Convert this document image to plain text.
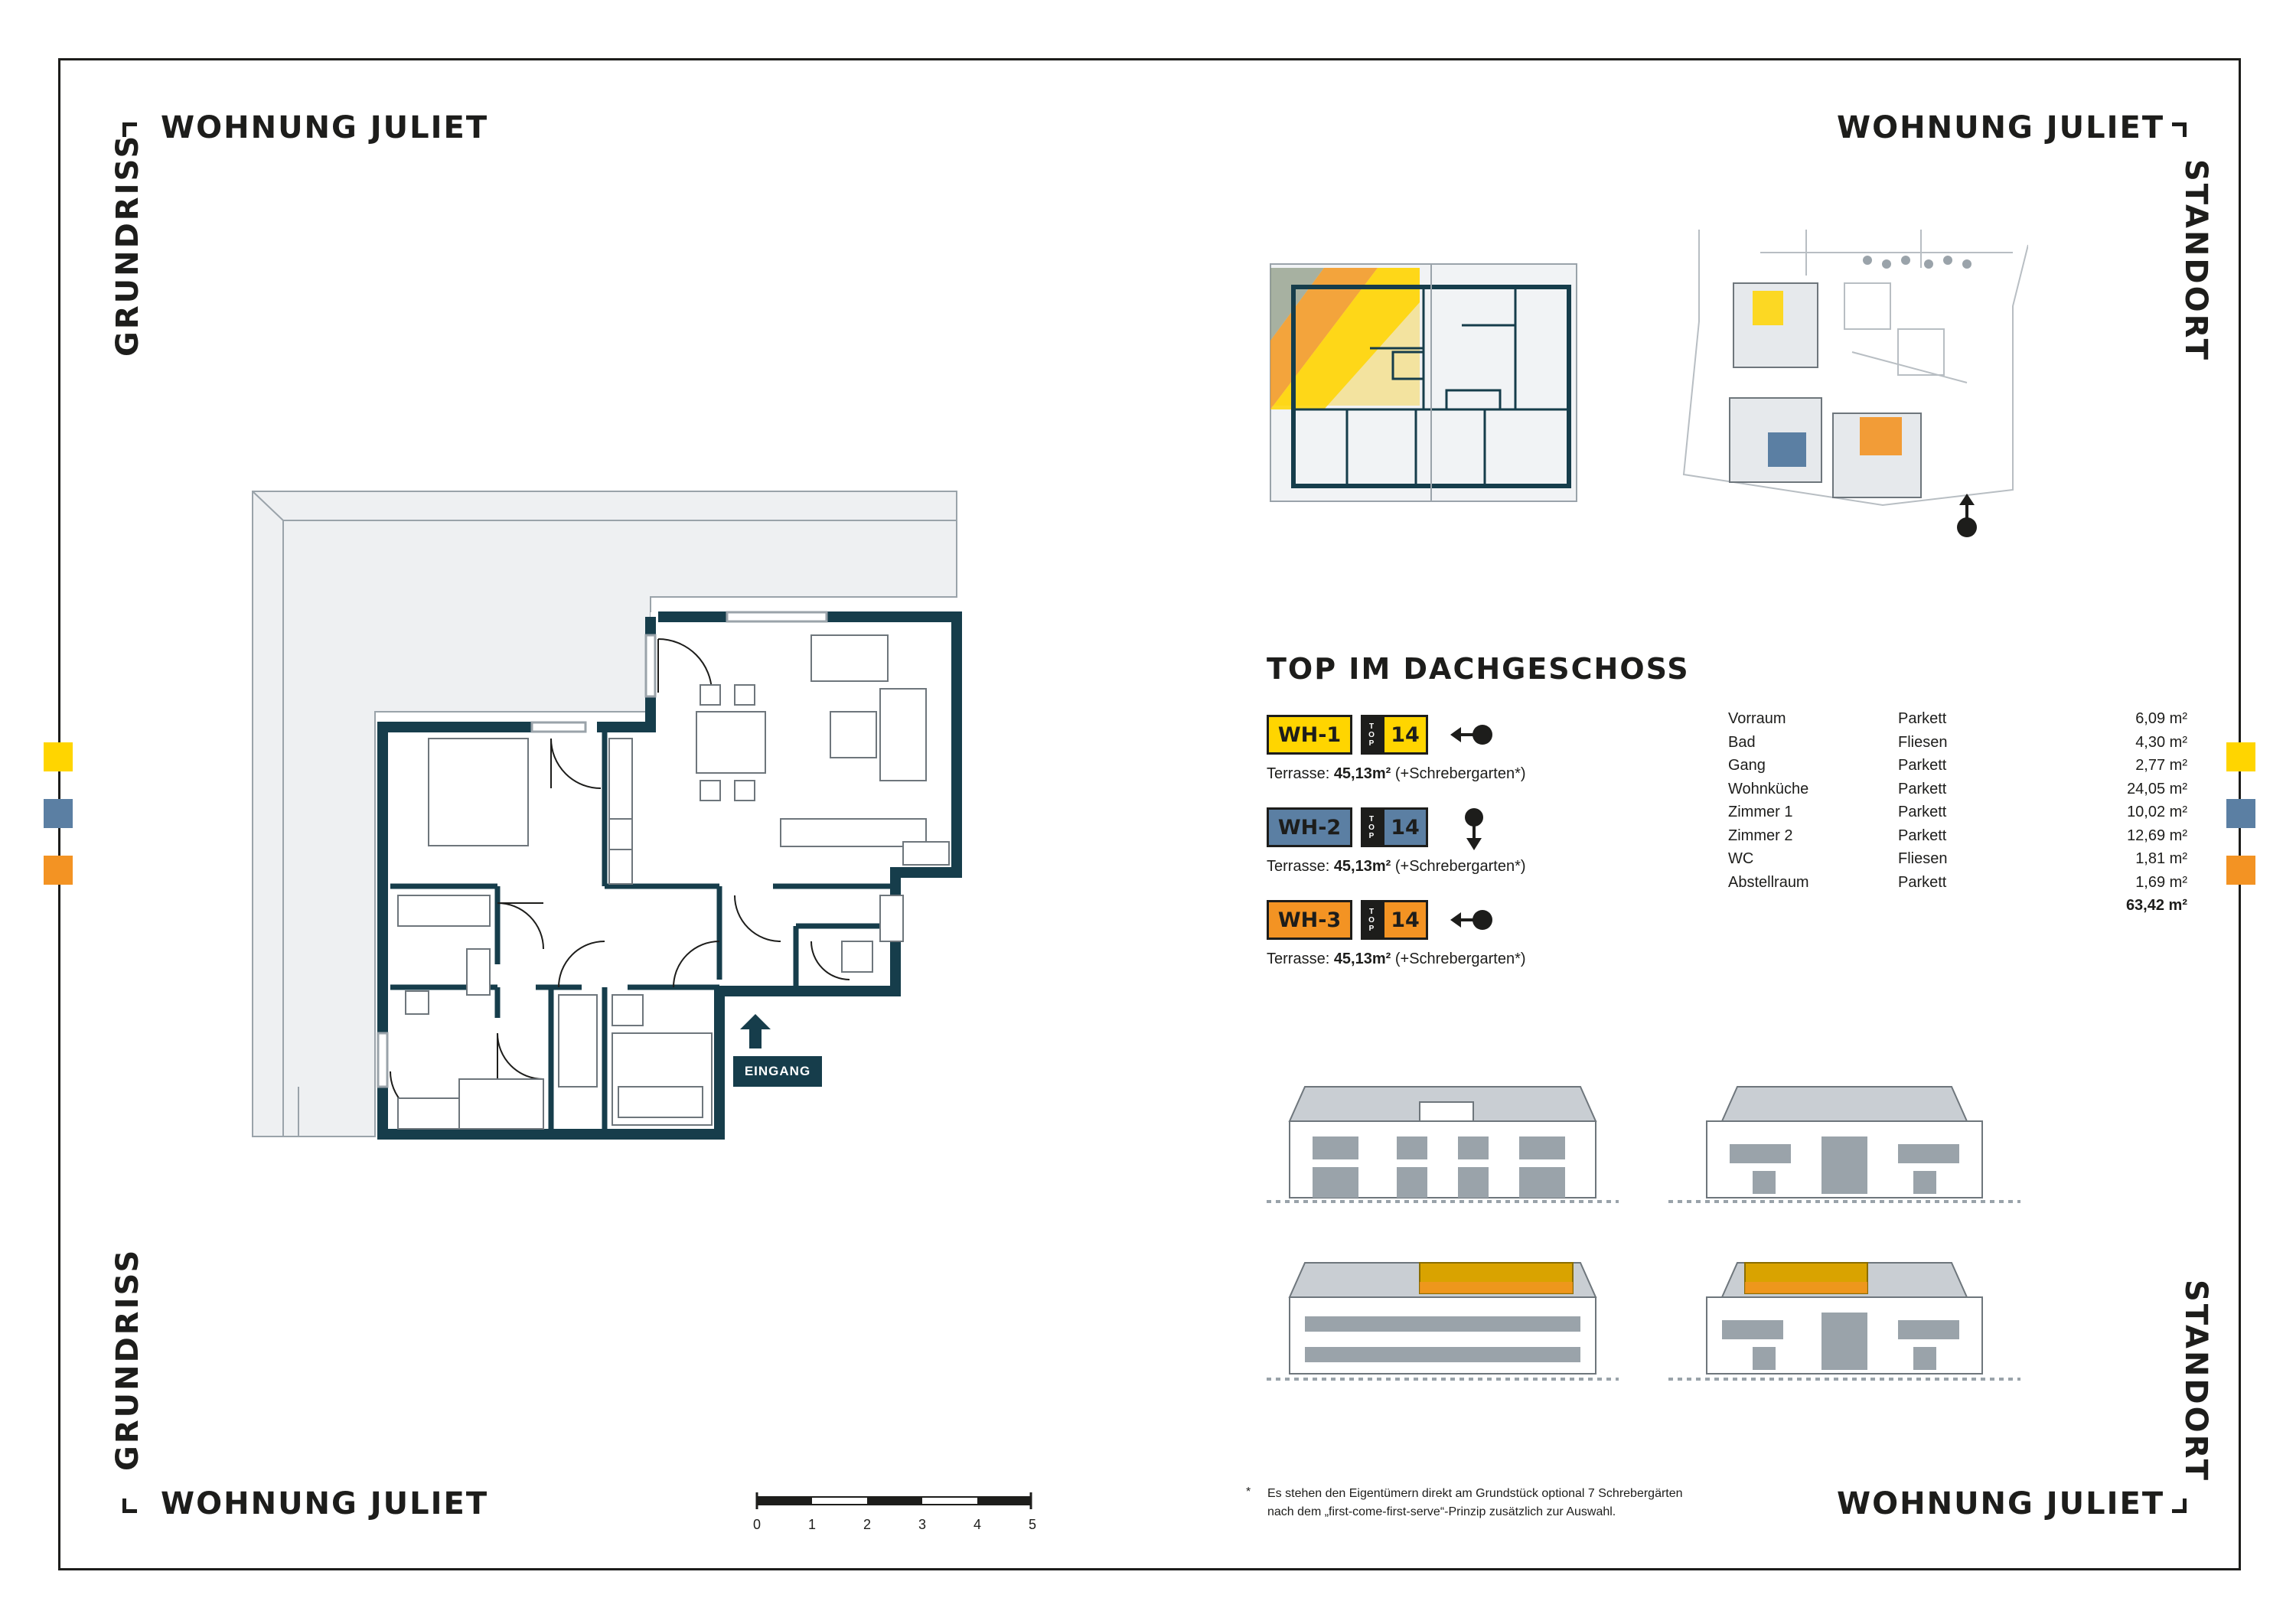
WOHNUNG JULIET	WOHNUNG JULIET
WOHNUNG JULIET	WOHNUNG JULIET
GRUNDRISS
GRUNDRISS
STANDORT
STANDORT
EINGANG
0	1	2	3	4	5
TOP IM DACHGESCHOSS
WH-1	TOP 14
Terrasse: 45,13m² (+Schrebergarten*)
WH-2	TOP 14
Terrasse: 45,13m² (+Schrebergarten*)
WH-3	TOP 14
Terrasse: 45,13m² (+Schrebergarten*)
Vorraum	Parkett	6,09 m²
Bad	Fliesen	4,30 m²
Gang	Parkett	2,77 m²
Wohnküche	Parkett	24,05 m²
Zimmer 1	Parkett	10,02 m²
Zimmer 2	Parkett	12,69 m²
WC	Fliesen	1,81 m²
Abstellraum	Parkett	1,69 m²
63,42 m²
* Es stehen den Eigentümern direkt am Grundstück optional 7 Schrebergärten
nach dem „first-come-first-serve“-Prinzip zusätzlich zur Auswahl.
